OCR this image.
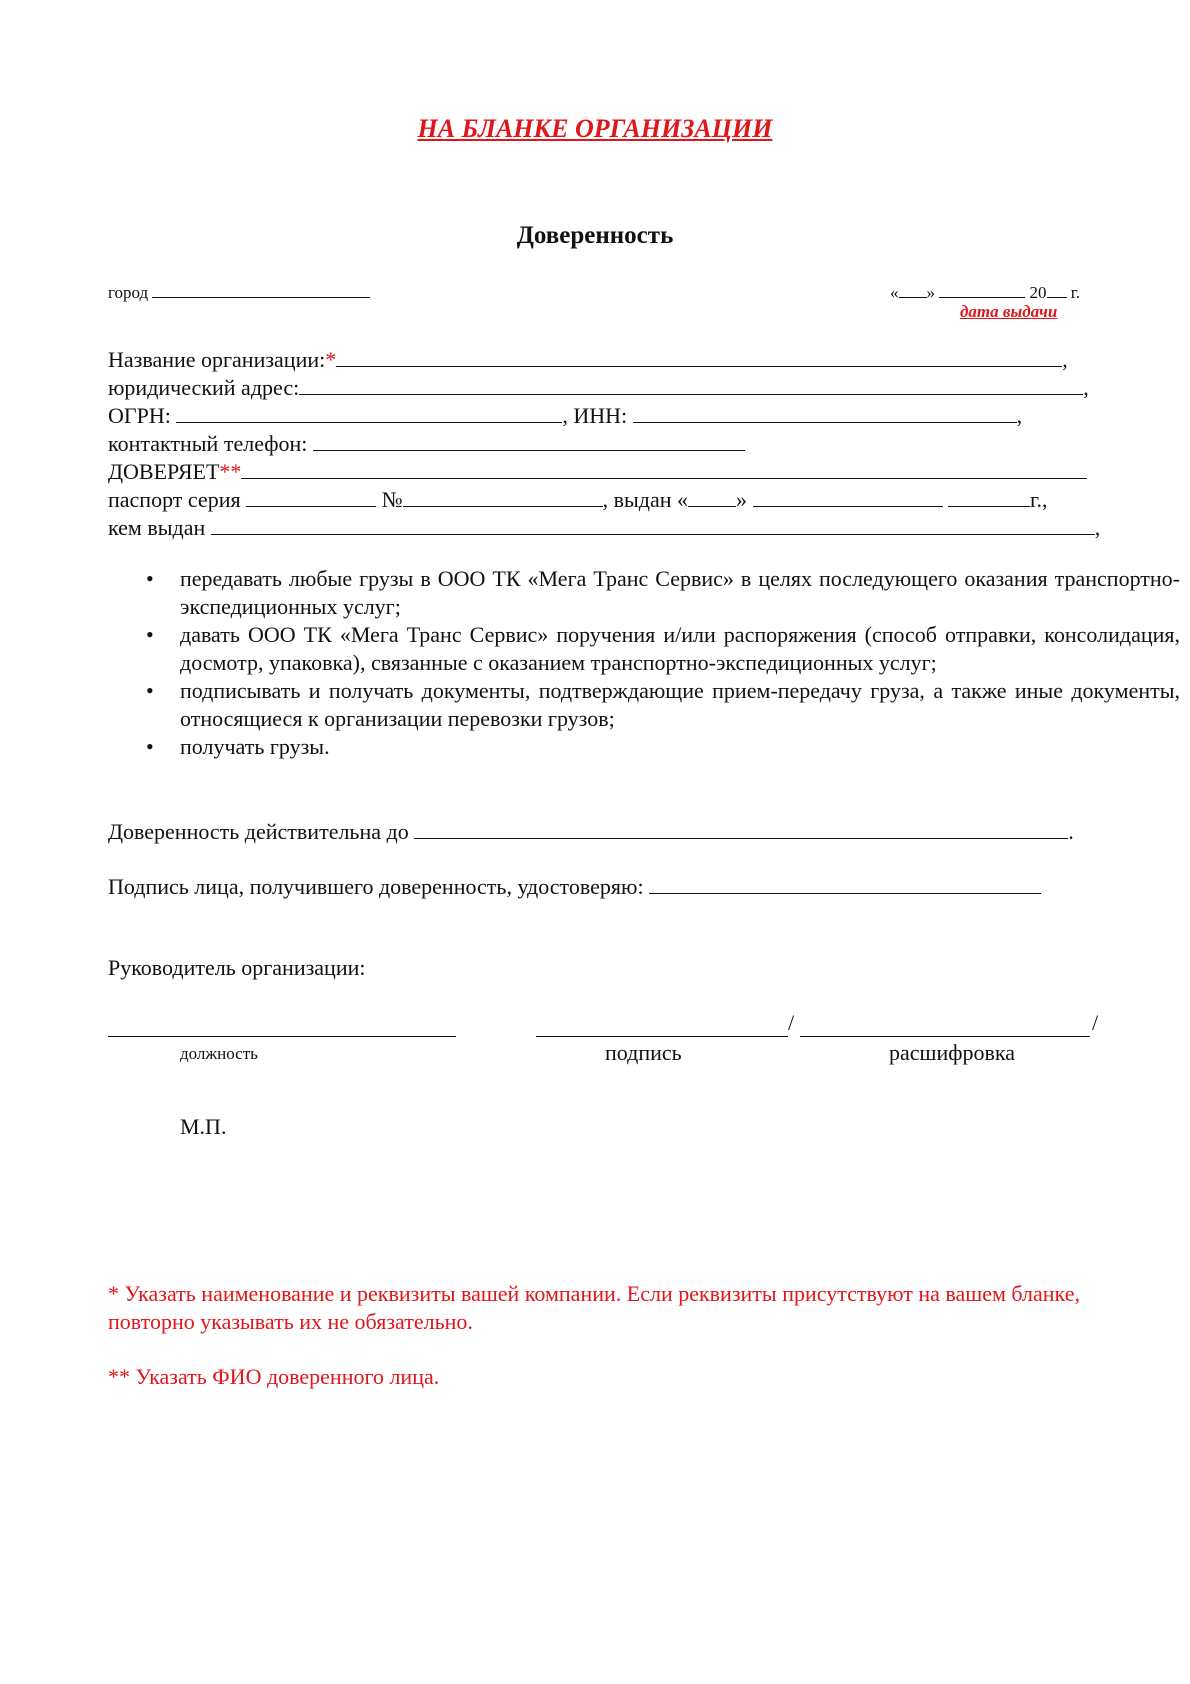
НА БЛАНКЕ ОРГАНИЗАЦИИ
Доверенность
город	« »	20 г.
дата выдачи
Название организации:*	,
юридический адрес:	,
ОГРН:	, ИНН:	,
контактный телефон:
ДОВЕРЯЕТ**
паспорт серия	№	, выдан « »	г.,
кем выдан	,
• передавать любые грузы в ООО ТК «Мега Транс Сервис» в целях последующего оказания транспортно-экспедиционных услуг;
• давать ООО ТК «Мега Транс Сервис» поручения и/или распоряжения (способ отправки, консолидация, досмотр, упаковка), связанные с оказанием транспортно-экспедиционных услуг;
• подписывать и получать документы, подтверждающие прием-передачу груза, а также иные документы, относящиеся к организации перевозки грузов;
• получать грузы.
Доверенность действительна до	.
Подпись лица, получившего доверенность, удостоверяю:
Руководитель организации:
/	/
должность	подпись	расшифровка
М.П.
* Указать наименование и реквизиты вашей компании. Если реквизиты присутствуют на вашем бланке, повторно указывать их не обязательно.
** Указать ФИО доверенного лица.
